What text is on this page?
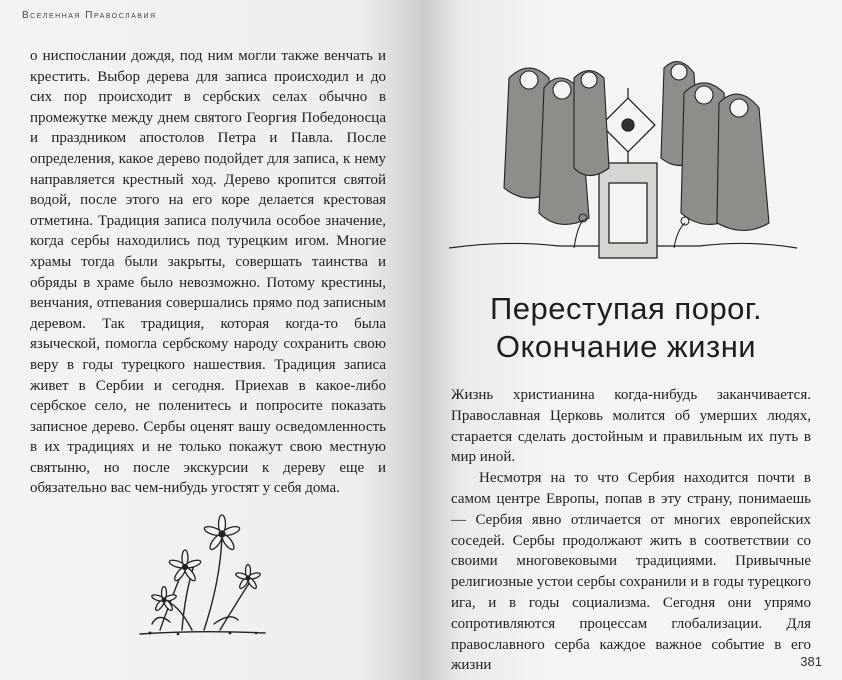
Вселенная Православия

о ниспослании дождя, под ним могли также венчать и крестить. Выбор дерева для записа происходил и до сих пор происходит в сербских селах обычно в промежутке между днем святого Георгия Победоносца и праздником апостолов Петра и Павла. После определения, какое дерево подойдет для записа, к нему направляется крестный ход. Дерево кропится святой водой, после этого на его коре делается крестовая отметина. Традиция записа получила особое значение, когда сербы находились под турецким игом. Многие храмы тогда были закрыты, совершать таинства и обряды в храме было невозможно. Потому крестины, венчания, отпевания совершались прямо под записным деревом. Так традиция, которая когда-то была языческой, помогла сербскому народу сохранить свою веру в годы турецкого нашествия. Традиция записа живет в Сербии и сегодня. Приехав в какое-либо сербское село, не поленитесь и попросите показать записное дерево. Сербы оценят вашу осведомленность в их традициях и не только покажут свою местную святыню, но после экскурсии к дереву еще и обязательно вас чем-нибудь угостят у себя дома.

Переступая порог.
Окончание жизни

Жизнь христианина когда-нибудь заканчивается. Православная Церковь молится об умерших людях, старается сделать достойным и правильным их путь в мир иной.

Несмотря на то что Сербия находится почти в самом центре Европы, попав в эту страну, понимаешь — Сербия явно отличается от многих европейских соседей. Сербы продолжают жить в соответствии со своими многовековыми традициями. Привычные религиозные устои сербы сохранили и в годы турецкого ига, и в годы социализма. Сегодня они упрямо сопротивляются процессам глобализации. Для православного серба каждое важное событие в его жизни	381
